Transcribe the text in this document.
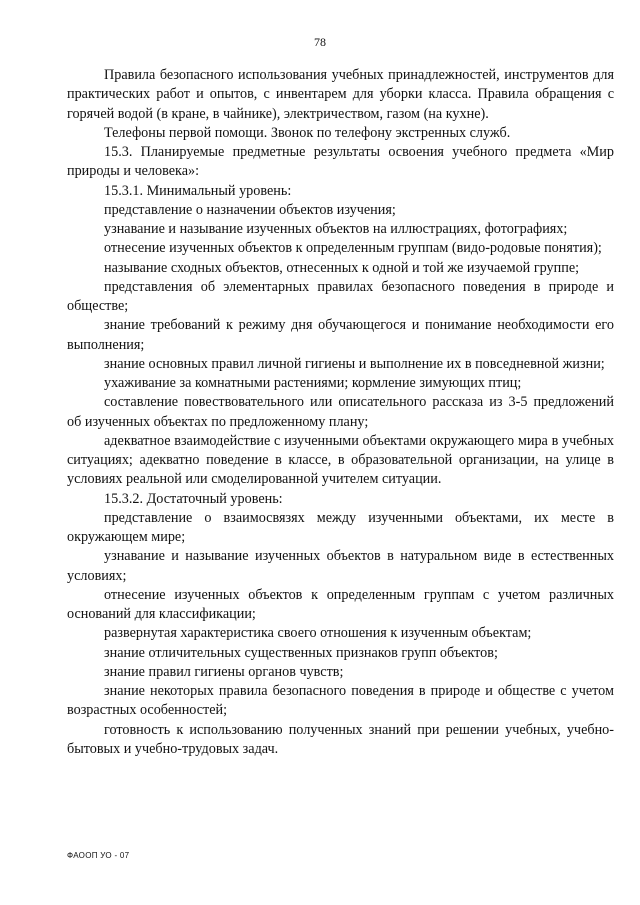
78

Правила безопасного использования учебных принадлежностей, инструментов для практических работ и опытов, с инвентарем для уборки класса. Правила обращения с горячей водой (в кране, в чайнике), электричеством, газом (на кухне).

Телефоны первой помощи. Звонок по телефону экстренных служб.

15.3. Планируемые предметные результаты освоения учебного предмета «Мир природы и человека»:

15.3.1. Минимальный уровень:

представление о назначении объектов изучения;

узнавание и называние изученных объектов на иллюстрациях, фотографиях;

отнесение изученных объектов к определенным группам (видо-родовые понятия);

называние сходных объектов, отнесенных к одной и той же изучаемой группе;

представления об элементарных правилах безопасного поведения в природе и обществе;

знание требований к режиму дня обучающегося и понимание необходимости его выполнения;

знание основных правил личной гигиены и выполнение их в повседневной жизни;

ухаживание за комнатными растениями; кормление зимующих птиц;

составление повествовательного или описательного рассказа из 3-5 предложений об изученных объектах по предложенному плану;

адекватное взаимодействие с изученными объектами окружающего мира в учебных ситуациях; адекватно поведение в классе, в образовательной организации, на улице в условиях реальной или смоделированной учителем ситуации.

15.3.2. Достаточный уровень:

представление о взаимосвязях между изученными объектами, их месте в окружающем мире;

узнавание и называние изученных объектов в натуральном виде в естественных условиях;

отнесение изученных объектов к определенным группам с учетом различных оснований для классификации;

развернутая характеристика своего отношения к изученным объектам;

знание отличительных существенных признаков групп объектов;

знание правил гигиены органов чувств;

знание некоторых правила безопасного поведения в природе и обществе с учетом возрастных особенностей;

готовность к использованию полученных знаний при решении учебных, учебно-бытовых и учебно-трудовых задач.

ФАООП УО - 07
